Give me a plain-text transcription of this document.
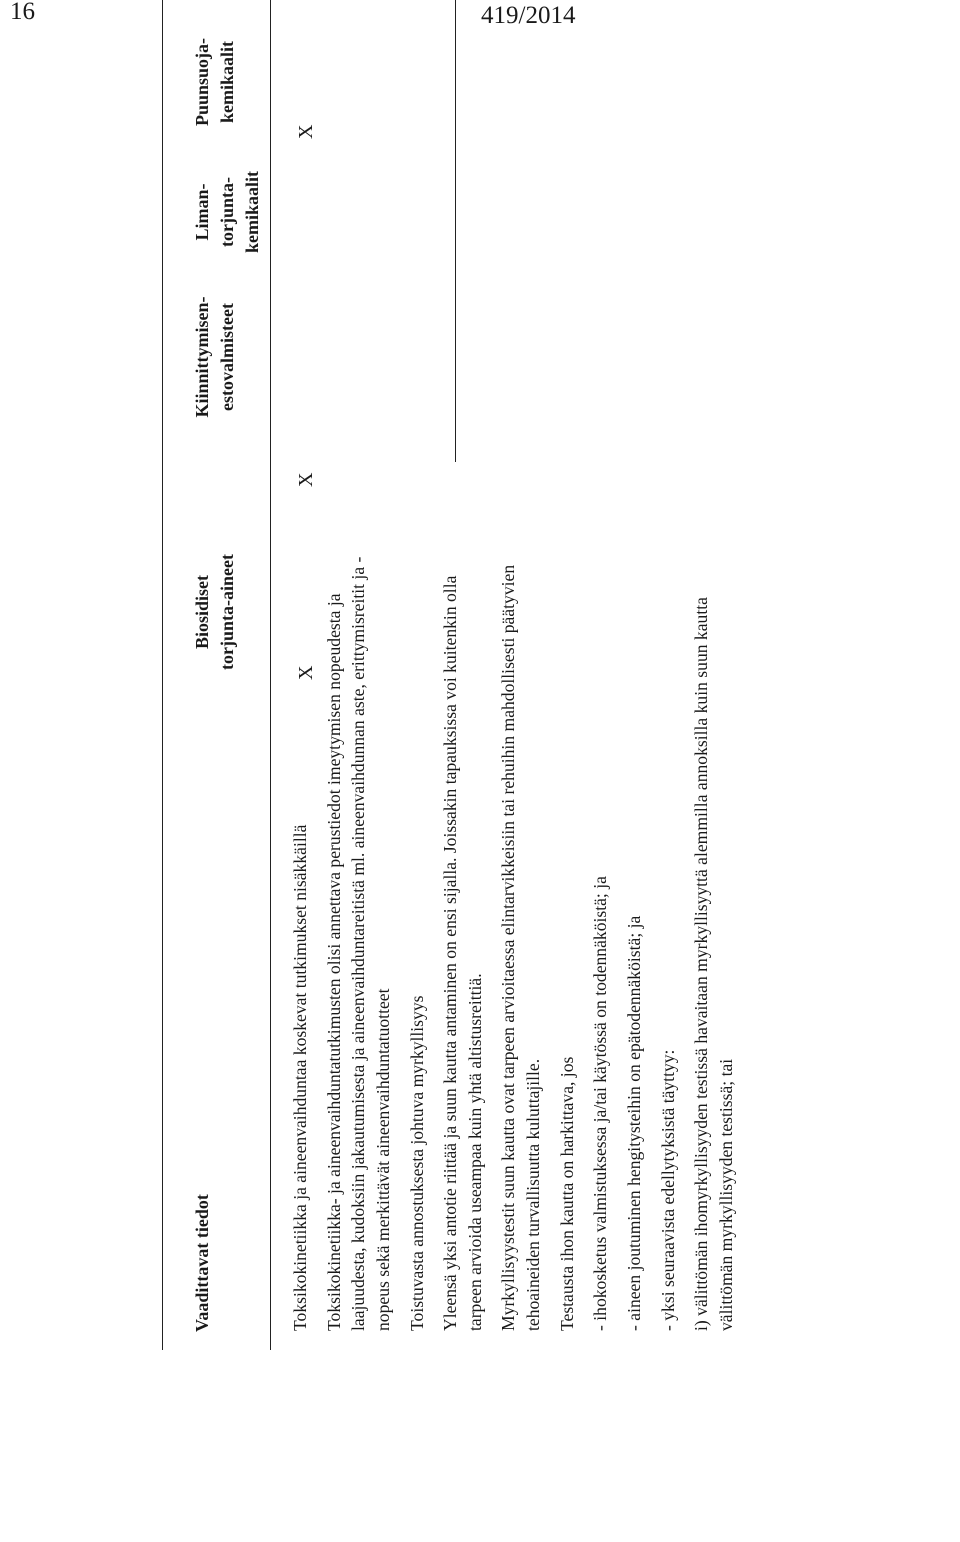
16	419/2014
Vaadittavat tiedot
Biosidiset torjunta-aineet
Kiinnittymisen- estovalmisteet
Liman- torjunta- kemikaalit
Puunsuoja- kemikaalit
X
X
X

Toksikokinetiikka ja aineenvaihduntaa koskevat tutkimukset nisäkkäillä Toksikokinetiikka- ja aineenvaihduntatutkimusten olisi annettava perustiedot imeytymisen nopeudesta ja laajuudesta, kudoksiin jakautumisesta ja aineenvaihduntareitistä ml. aineenvaihdunnan aste, erittymisreitit ja -nopeus sekä merkittävät aineenvaihduntatuotteet Toistuvasta annostuksesta johtuva myrkyllisyys Yleensä yksi antotie riittää ja suun kautta antaminen on ensi sijalla. Joissakin tapauksissa voi kuitenkin olla tarpeen arvioida useampaa kuin yhtä altistusreittiä. Myrkyllisyystestit suun kautta ovat tarpeen arvioitaessa elintarvikkeisiin tai rehuihin mahdollisesti päätyvien tehoaineiden turvallisuutta kuluttajille. Testausta ihon kautta on harkittava, jos - ihokosketus valmistuksessa ja/tai käytössä on todennäköistä; ja - aineen joutuminen hengitysteihin on epätodennäköistä; ja - yksi seuraavista edellytyksistä täyttyy: i) välittömän ihomyrkyllisyyden testissä havaitaan myrkyllisyyttä alemmilla annoksilla kuin suun kautta välittömän myrkyllisyyden testissä; tai
